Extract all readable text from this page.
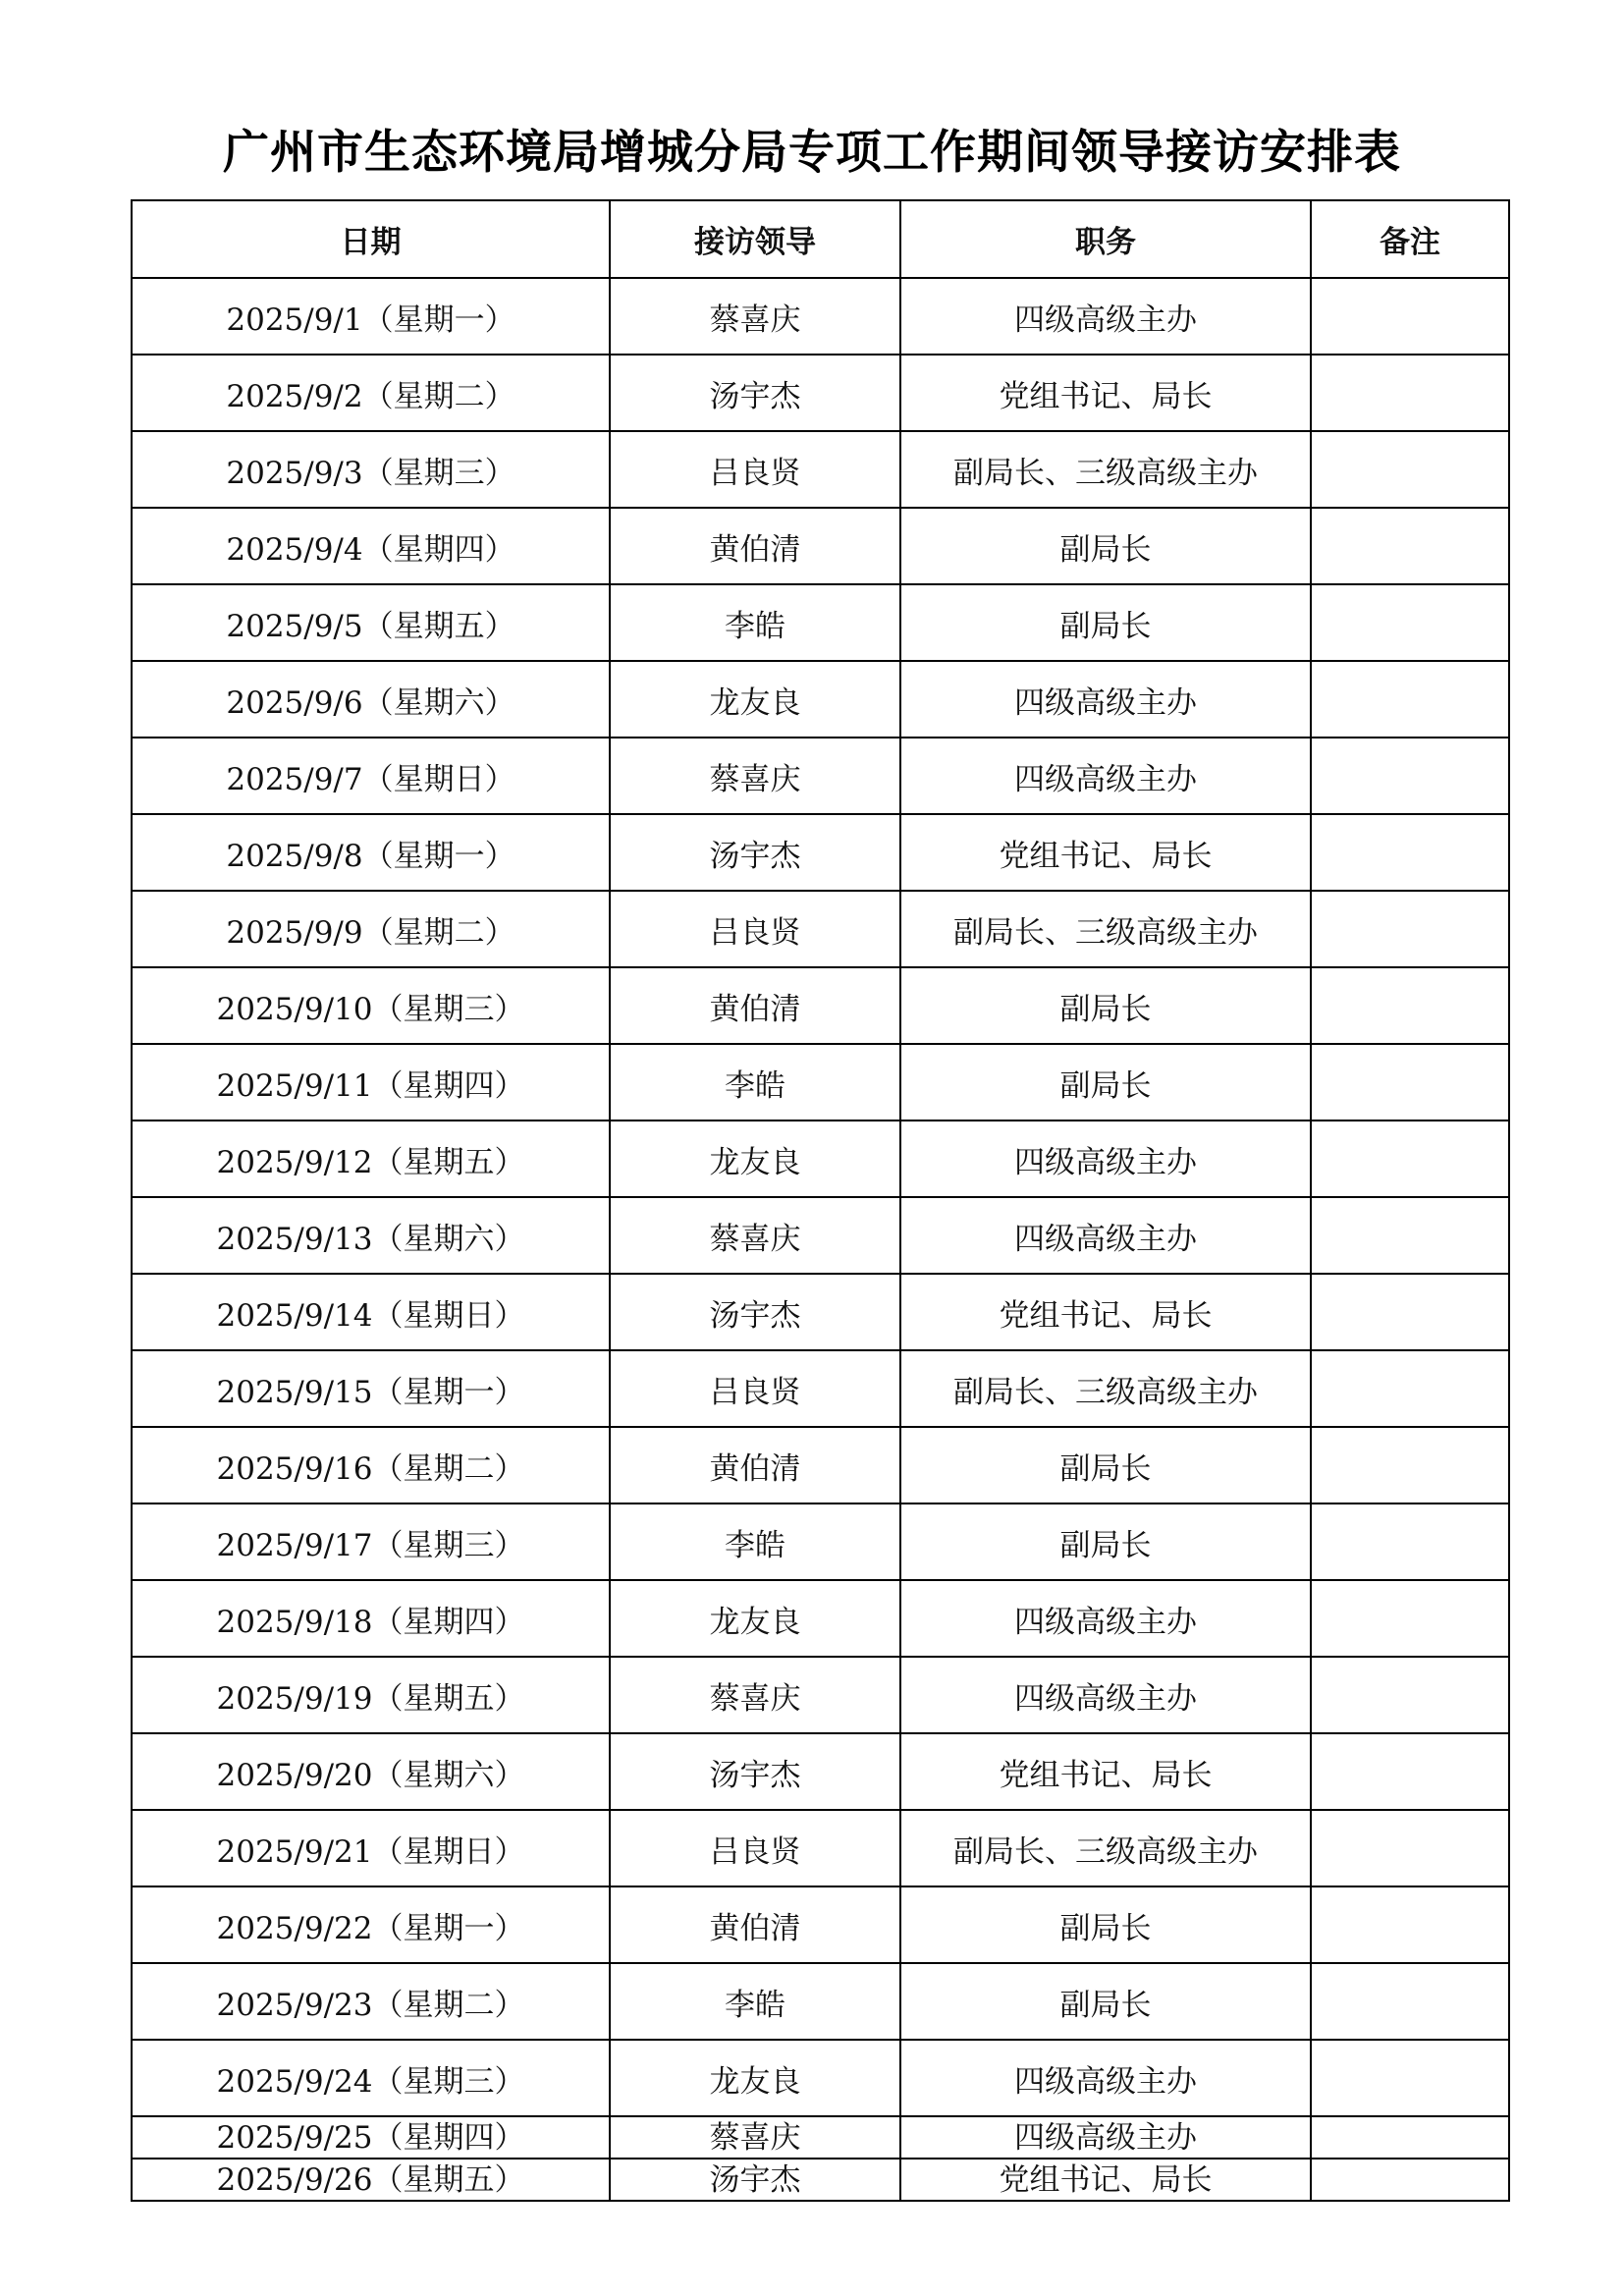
广州市生态环境局增城分局专项工作期间领导接访安排表
日期	接访领导	职务	备注
2025/9/1（星期一）	蔡喜庆	四级高级主办	
2025/9/2（星期二）	汤宇杰	党组书记、局长	
2025/9/3（星期三）	吕良贤	副局长、三级高级主办	
2025/9/4（星期四）	黄伯清	副局长	
2025/9/5（星期五）	李皓	副局长	
2025/9/6（星期六）	龙友良	四级高级主办	
2025/9/7（星期日）	蔡喜庆	四级高级主办	
2025/9/8（星期一）	汤宇杰	党组书记、局长	
2025/9/9（星期二）	吕良贤	副局长、三级高级主办	
2025/9/10（星期三）	黄伯清	副局长	
2025/9/11（星期四）	李皓	副局长	
2025/9/12（星期五）	龙友良	四级高级主办	
2025/9/13（星期六）	蔡喜庆	四级高级主办	
2025/9/14（星期日）	汤宇杰	党组书记、局长	
2025/9/15（星期一）	吕良贤	副局长、三级高级主办	
2025/9/16（星期二）	黄伯清	副局长	
2025/9/17（星期三）	李皓	副局长	
2025/9/18（星期四）	龙友良	四级高级主办	
2025/9/19（星期五）	蔡喜庆	四级高级主办	
2025/9/20（星期六）	汤宇杰	党组书记、局长	
2025/9/21（星期日）	吕良贤	副局长、三级高级主办	
2025/9/22（星期一）	黄伯清	副局长	
2025/9/23（星期二）	李皓	副局长	
2025/9/24（星期三）	龙友良	四级高级主办	
2025/9/25（星期四）	蔡喜庆	四级高级主办	
2025/9/26（星期五）	汤宇杰	党组书记、局长	
